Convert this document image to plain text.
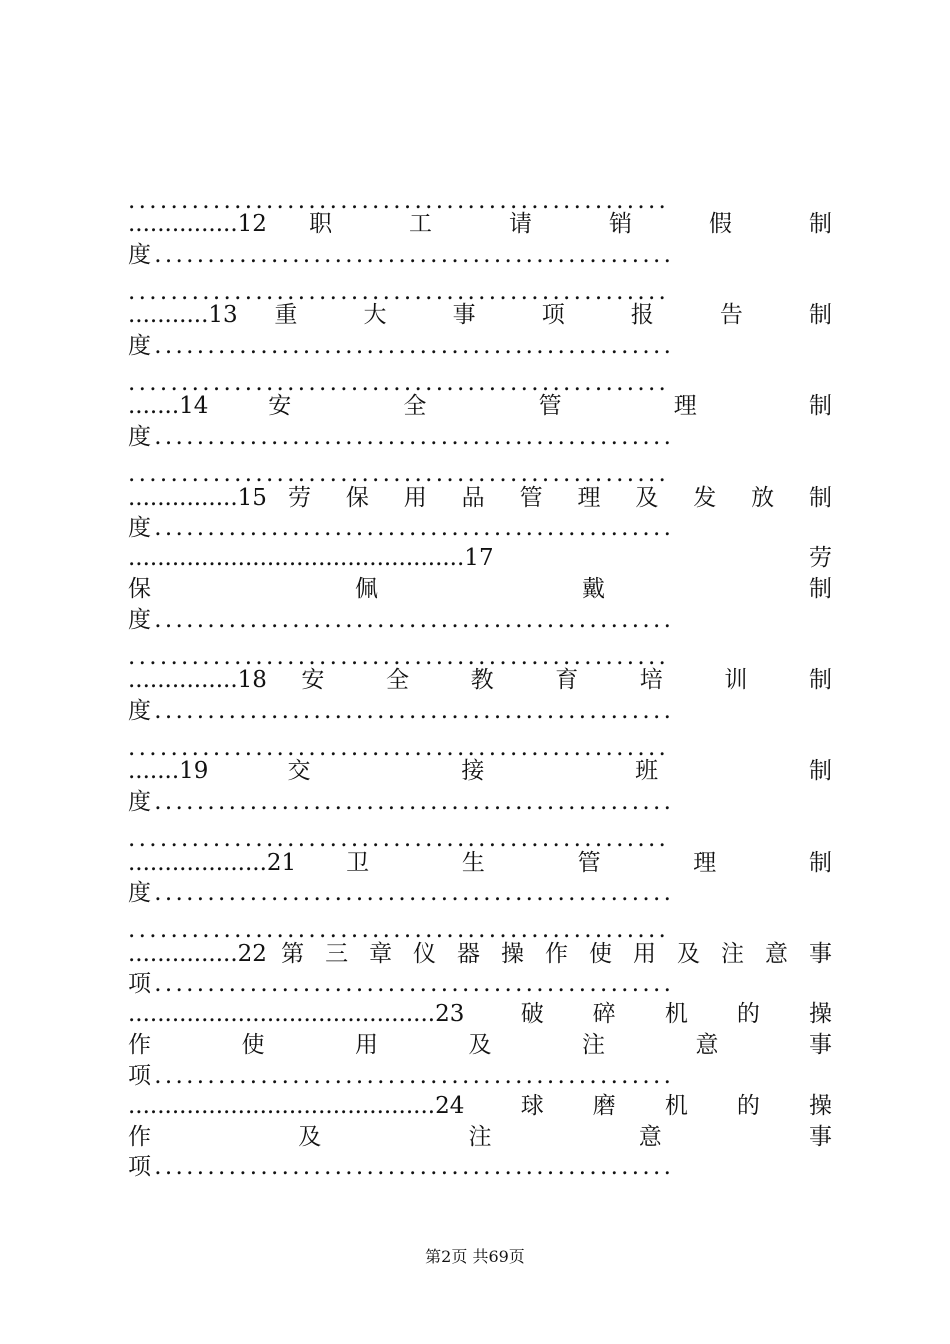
...................................................
...............12 职 工 请 销 假 制
度.................................................
...................................................
...........13 重 大 事 项 报 告 制
度.................................................
...................................................
.......14 安 全 管 理 制
度.................................................
...................................................
...............15 劳 保 用 品 管 理 及 发 放 制
度.................................................
..............................................17 劳
保 佩 戴 制
度.................................................
...................................................
...............18 安 全 教 育 培 训 制
度.................................................
...................................................
.......19 交 接 班 制
度.................................................
...................................................
...................21 卫 生 管 理 制
度.................................................
...................................................
...............22 第 三 章 仪 器 操 作 使 用 及 注 意 事
项.................................................
..........................................23 破碎机的操
作 使 用 及 注 意 事
项.................................................
..........................................24 球磨机的操
作 及 注 意 事
项.................................................
第2页 共69页
